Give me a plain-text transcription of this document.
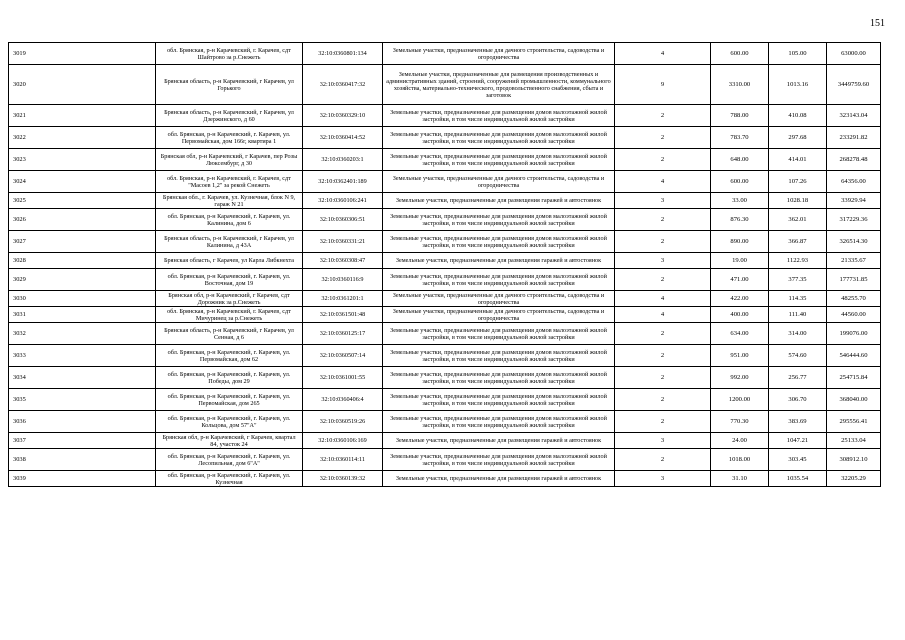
151
3019	обл. Брянская, р-н Карачевский, г. Карачев, сдт Шайтрово за р.Снежеть	32:10:0360801:134	Земельные участки, предназначенные для дачного строительства, садоводства и огородничества	4	600.00	105.00	63000.00
3020	Брянская область, р-н Карачевский, г Карачев, ул Горького	32:10:0360417:32	Земельные участки, предназначенные для размещения производственных и административных зданий, строений, сооружений промышленности, коммунального хозяйства, материально-технического, продовольственного снабжения, сбыта и заготовок	9	3310.00	1013.16	3449759.60
3021	Брянская область, р-н Карачевский, г Карачев, ул Дзержинского, д 60	32:10:0360329:10	Земельные участки, предназначенные для размещения домов малоэтажной жилой застройки, в том числе индивидуальной жилой застройки	2	788.00	410.08	323143.04
3022	обл. Брянская, р-н Карачевский, г. Карачев, ул. Первомайская, дом 166г, квартира 1	32:10:0360414:52	Земельные участки, предназначенные для размещения домов малоэтажной жилой застройки, в том числе индивидуальной жилой застройки	2	783.70	297.68	233291.82
3023	Брянская обл, р-н Карачевский, г Карачев, пер Розы Люксембург, д 30	32:10:0360203:1	Земельные участки, предназначенные для размещения домов малоэтажной жилой застройки, в том числе индивидуальной жилой застройки	2	648.00	414.01	268278.48
3024	обл. Брянская, р-н Карачевский, г. Карачев, сдт "Масоев 1,2" за рекой Снежеть	32:10:0362401:189	Земельные участки, предназначенные для дачного строительства, садоводства и огородничества	4	600.00	107.26	64356.00
3025	Брянская обл., г. Карачев, ул. Кузнечная, блок N 9, гараж N 21	32:10:0360106:241	Земельные участки, предназначенные для размещения гаражей и автостоянок	3	33.00	1028.18	33929.94
3026	обл. Брянская, р-н Карачевский, г. Карачев, ул. Калинина, дом 6	32:10:0360306:51	Земельные участки, предназначенные для размещения домов малоэтажной жилой застройки, в том числе индивидуальной жилой застройки	2	876.30	362.01	317229.36
3027	Брянская область, р-н Карачевский, г Карачев, ул Калинина, д 43А	32:10:0360331:21	Земельные участки, предназначенные для размещения домов малоэтажной жилой застройки, в том числе индивидуальной жилой застройки	2	890.00	366.87	326514.30
3028	Брянская область, г Карачев, ул Карла Либкнехта	32:10:0360308:47	Земельные участки, предназначенные для размещения гаражей и автостоянок	3	19.00	1122.93	21335.67
3029	обл. Брянская, р-н Карачевский, г. Карачев, ул. Восточная, дом 19	32:10:0360116:9	Земельные участки, предназначенные для размещения домов малоэтажной жилой застройки, в том числе индивидуальной жилой застройки	2	471.00	377.35	177731.85
3030	Брянская обл, р-н Карачевский, г Карачев, сдт Дорожник за р.Снежеть	32:10:0361201:1	Земельные участки, предназначенные для дачного строительства, садоводства и огородничества	4	422.00	114.35	48255.70
3031	обл. Брянская, р-н Карачевский, г. Карачев, сдт Мичуринец за р.Снежеть	32:10:0361501:48	Земельные участки, предназначенные для дачного строительства, садоводства и огородничества	4	400.00	111.40	44560.00
3032	Брянская область, р-н Карачевский, г Карачев, ул Сенная, д 6	32:10:0360125:17	Земельные участки, предназначенные для размещения домов малоэтажной жилой застройки, в том числе индивидуальной жилой застройки	2	634.00	314.00	199076.00
3033	обл. Брянская, р-н Карачевский, г. Карачев, ул. Первомайская, дом 62	32:10:0360507:14	Земельные участки, предназначенные для размещения домов малоэтажной жилой застройки, в том числе индивидуальной жилой застройки	2	951.00	574.60	546444.60
3034	обл. Брянская, р-н Карачевский, г. Карачев, ул. Победы, дом 29	32:10:0361001:55	Земельные участки, предназначенные для размещения домов малоэтажной жилой застройки, в том числе индивидуальной жилой застройки	2	992.00	256.77	254715.84
3035	обл. Брянская, р-н Карачевский, г. Карачев, ул. Первомайская, дом 265	32:10:0360406:4	Земельные участки, предназначенные для размещения домов малоэтажной жилой застройки, в том числе индивидуальной жилой застройки	2	1200.00	306.70	368040.00
3036	обл. Брянская, р-н Карачевский, г. Карачев, ул. Кольцова, дом 57"А"	32:10:0360519:26	Земельные участки, предназначенные для размещения домов малоэтажной жилой застройки, в том числе индивидуальной жилой застройки	2	770.30	383.69	295556.41
3037	Брянская обл, р-н Карачевский, г Карачев, квартал 84, участок 24	32:10:0360106:169	Земельные участки, предназначенные для размещения гаражей и автостоянок	3	24.00	1047.21	25133.04
3038	обл. Брянская, р-н Карачевский, г. Карачев, ул. Лесопильная, дом 6"А"	32:10:0360114:11	Земельные участки, предназначенные для размещения домов малоэтажной жилой застройки, в том числе индивидуальной жилой застройки	2	1018.00	303.45	308912.10
3039	обл. Брянская, р-н Карачевский, г. Карачев, ул. Кузнечная	32:10:0360139:32	Земельные участки, предназначенные для размещения гаражей и автостоянок	3	31.10	1035.54	32205.29
